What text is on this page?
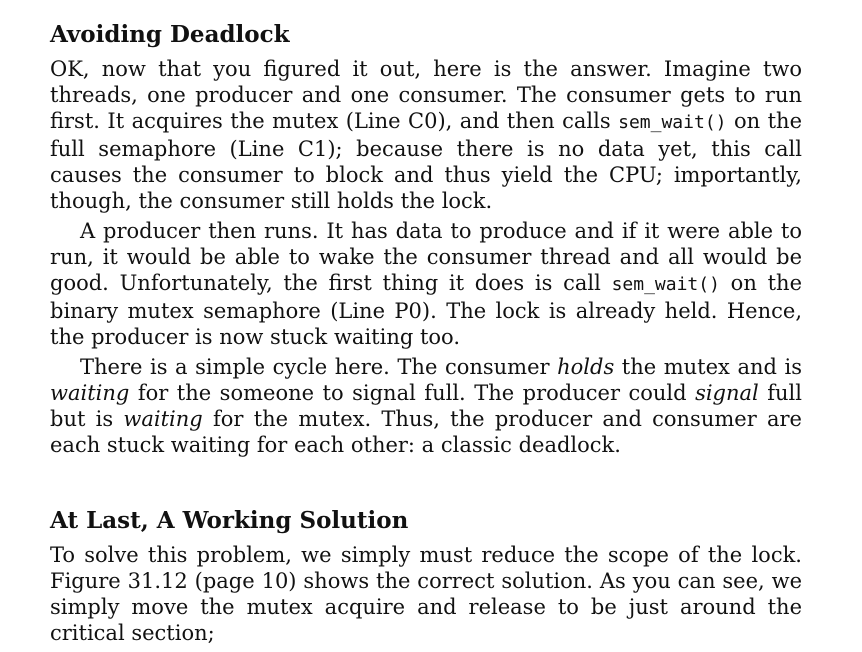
Avoiding Deadlock

OK, now that you figured it out, here is the answer. Imagine two threads, one producer and one consumer. The consumer gets to run first. It acquires the mutex (Line C0), and then calls sem_wait() on the full semaphore (Line C1); because there is no data yet, this call causes the consumer to block and thus yield the CPU; importantly, though, the consumer still holds the lock.

A producer then runs. It has data to produce and if it were able to run, it would be able to wake the consumer thread and all would be good. Unfortunately, the first thing it does is call sem_wait() on the binary mutex semaphore (Line P0). The lock is already held. Hence, the producer is now stuck waiting too.

There is a simple cycle here. The consumer holds the mutex and is waiting for the someone to signal full. The producer could signal full but is waiting for the mutex. Thus, the producer and consumer are each stuck waiting for each other: a classic deadlock.

At Last, A Working Solution

To solve this problem, we simply must reduce the scope of the lock. Figure 31.12 (page 10) shows the correct solution. As you can see, we simply move the mutex acquire and release to be just around the critical section;
